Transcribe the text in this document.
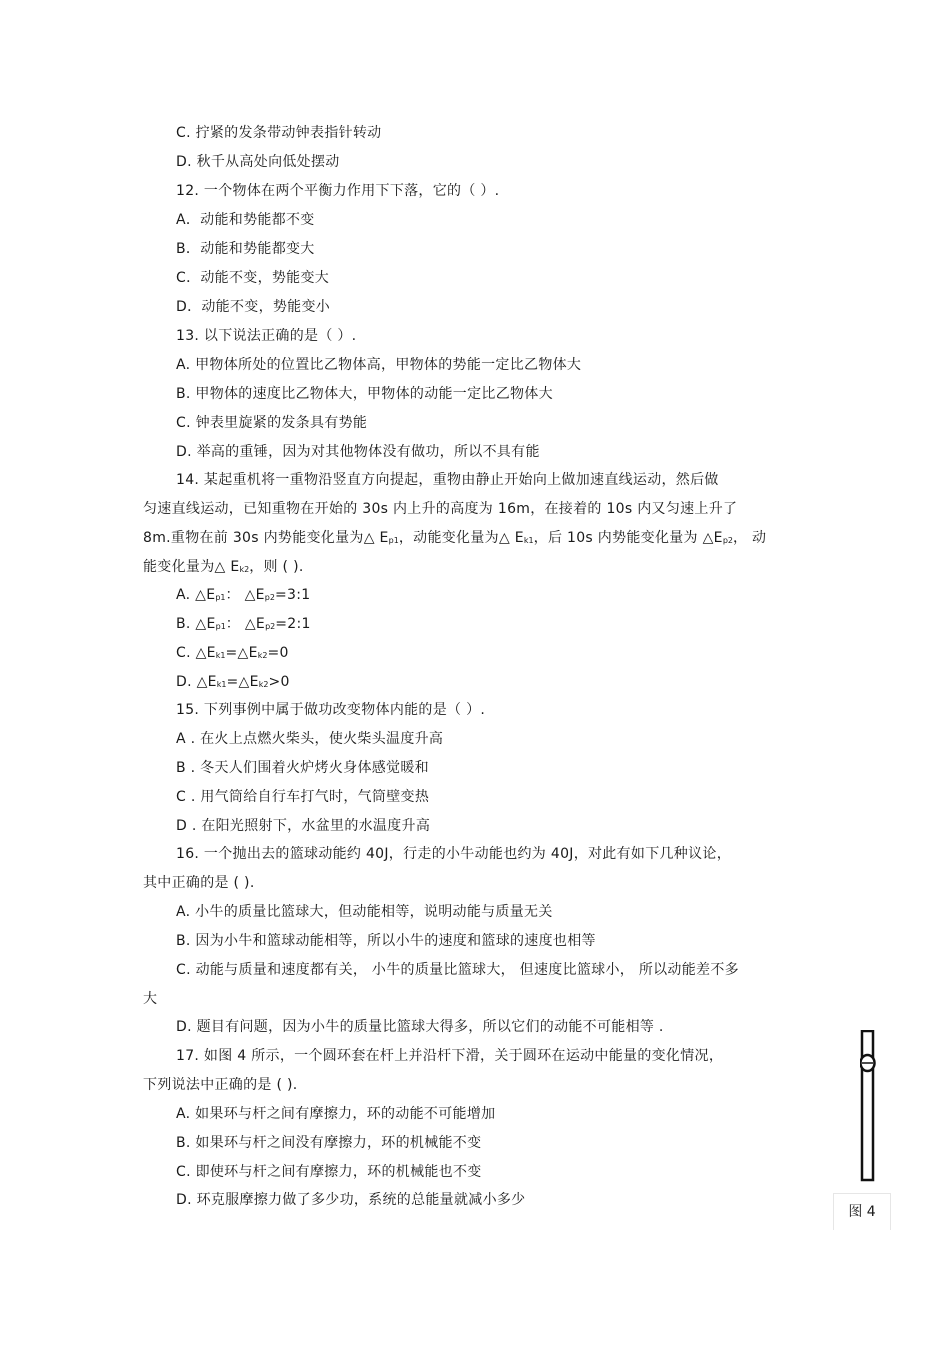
C. 拧紧的发条带动钟表指针转动
D. 秋千从高处向低处摆动
12. 一个物体在两个平衡力作用下下落，它的（ ）.
A．动能和势能都不变
B．动能和势能都变大
C．动能不变，势能变大
D．动能不变，势能变小
13. 以下说法正确的是（ ）.
A. 甲物体所处的位置比乙物体高，甲物体的势能一定比乙物体大
B. 甲物体的速度比乙物体大，甲物体的动能一定比乙物体大
C. 钟表里旋紧的发条具有势能
D. 举高的重锤，因为对其他物体没有做功，所以不具有能
14. 某起重机将一重物沿竖直方向提起，重物由静止开始向上做加速直线运动，然后做
匀速直线运动，已知重物在开始的 30s 内上升的高度为 16m，在接着的 10s 内又匀速上升了
8m.重物在前 30s 内势能变化量为△ Ep1，动能变化量为△ Ek1，后 10s 内势能变化量为 △Ep2， 动
能变化量为△ Ek2，则 ( ).
A. △Ep1： △Ep2=3:1
B. △Ep1： △Ep2=2:1
C. △Ek1=△Ek2=0
D. △Ek1=△Ek2>0
15. 下列事例中属于做功改变物体内能的是（ ）.
A . 在火上点燃火柴头，使火柴头温度升高
B . 冬天人们围着火炉烤火身体感觉暖和
C . 用气筒给自行车打气时，气筒壁变热
D . 在阳光照射下，水盆里的水温度升高
16. 一个抛出去的篮球动能约 40J，行走的小牛动能也约为 40J，对此有如下几种议论，
其中正确的是 ( ).
A. 小牛的质量比篮球大，但动能相等，说明动能与质量无关
B. 因为小牛和篮球动能相等，所以小牛的速度和篮球的速度也相等
C. 动能与质量和速度都有关， 小牛的质量比篮球大， 但速度比篮球小， 所以动能差不多
大
D. 题目有问题，因为小牛的质量比篮球大得多，所以它们的动能不可能相等 .
17. 如图 4 所示，一个圆环套在杆上并沿杆下滑，关于圆环在运动中能量的变化情况，
下列说法中正确的是 ( ).
A. 如果环与杆之间有摩擦力，环的动能不可能增加
B. 如果环与杆之间没有摩擦力，环的机械能不变
C. 即使环与杆之间有摩擦力，环的机械能也不变
D. 环克服摩擦力做了多少功，系统的总能量就减小多少
图 4
